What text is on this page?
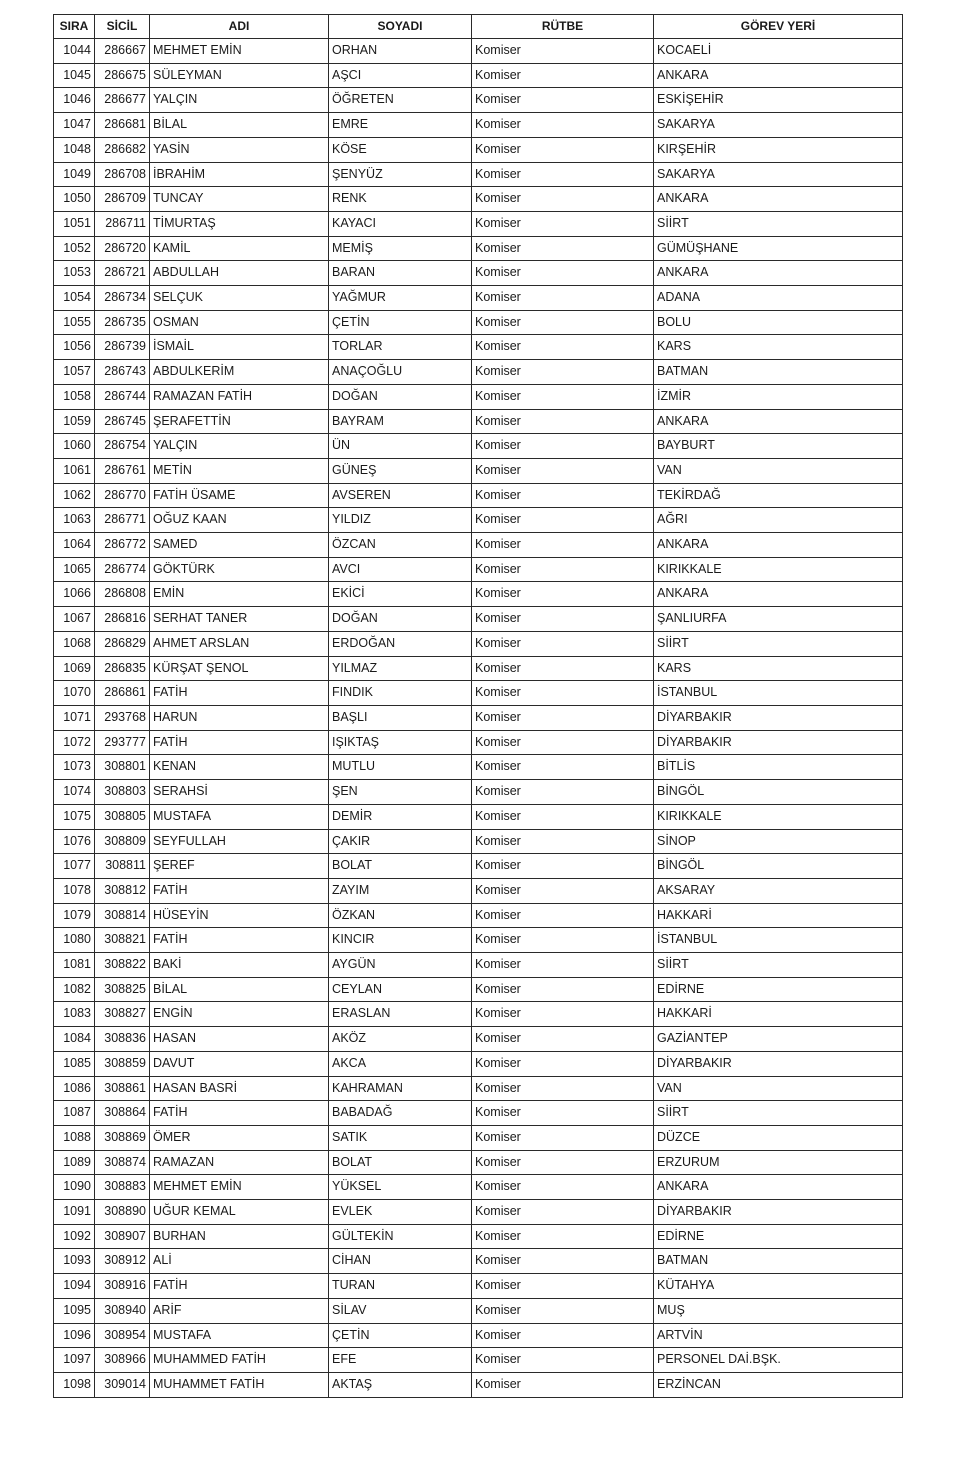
SIRA	SİCİL	ADI	SOYADI	RÜTBE	GÖREV YERİ
1044	286667	MEHMET EMİN	ORHAN	Komiser	KOCAELİ
1045	286675	SÜLEYMAN	AŞCI	Komiser	ANKARA
1046	286677	YALÇIN	ÖĞRETEN	Komiser	ESKİŞEHİR
1047	286681	BİLAL	EMRE	Komiser	SAKARYA
1048	286682	YASİN	KÖSE	Komiser	KIRŞEHİR
1049	286708	İBRAHİM	ŞENYÜZ	Komiser	SAKARYA
1050	286709	TUNCAY	RENK	Komiser	ANKARA
1051	286711	TİMURTAŞ	KAYACI	Komiser	SİİRT
1052	286720	KAMİL	MEMİŞ	Komiser	GÜMÜŞHANE
1053	286721	ABDULLAH	BARAN	Komiser	ANKARA
1054	286734	SELÇUK	YAĞMUR	Komiser	ADANA
1055	286735	OSMAN	ÇETİN	Komiser	BOLU
1056	286739	İSMAİL	TORLAR	Komiser	KARS
1057	286743	ABDULKERİM	ANAÇOĞLU	Komiser	BATMAN
1058	286744	RAMAZAN FATİH	DOĞAN	Komiser	İZMİR
1059	286745	ŞERAFETTİN	BAYRAM	Komiser	ANKARA
1060	286754	YALÇIN	ÜN	Komiser	BAYBURT
1061	286761	METİN	GÜNEŞ	Komiser	VAN
1062	286770	FATİH ÜSAME	AVSEREN	Komiser	TEKİRDAĞ
1063	286771	OĞUZ KAAN	YILDIZ	Komiser	AĞRI
1064	286772	SAMED	ÖZCAN	Komiser	ANKARA
1065	286774	GÖKTÜRK	AVCI	Komiser	KIRIKKALE
1066	286808	EMİN	EKİCİ	Komiser	ANKARA
1067	286816	SERHAT TANER	DOĞAN	Komiser	ŞANLIURFA
1068	286829	AHMET ARSLAN	ERDOĞAN	Komiser	SİİRT
1069	286835	KÜRŞAT ŞENOL	YILMAZ	Komiser	KARS
1070	286861	FATİH	FINDIK	Komiser	İSTANBUL
1071	293768	HARUN	BAŞLI	Komiser	DİYARBAKIR
1072	293777	FATİH	IŞIKTAŞ	Komiser	DİYARBAKIR
1073	308801	KENAN	MUTLU	Komiser	BİTLİS
1074	308803	SERAHSİ	ŞEN	Komiser	BİNGÖL
1075	308805	MUSTAFA	DEMİR	Komiser	KIRIKKALE
1076	308809	SEYFULLAH	ÇAKIR	Komiser	SİNOP
1077	308811	ŞEREF	BOLAT	Komiser	BİNGÖL
1078	308812	FATİH	ZAYIM	Komiser	AKSARAY
1079	308814	HÜSEYİN	ÖZKAN	Komiser	HAKKARİ
1080	308821	FATİH	KINCIR	Komiser	İSTANBUL
1081	308822	BAKİ	AYGÜN	Komiser	SİİRT
1082	308825	BİLAL	CEYLAN	Komiser	EDİRNE
1083	308827	ENGİN	ERASLAN	Komiser	HAKKARİ
1084	308836	HASAN	AKÖZ	Komiser	GAZİANTEP
1085	308859	DAVUT	AKCA	Komiser	DİYARBAKIR
1086	308861	HASAN BASRİ	KAHRAMAN	Komiser	VAN
1087	308864	FATİH	BABADAĞ	Komiser	SİİRT
1088	308869	ÖMER	SATIK	Komiser	DÜZCE
1089	308874	RAMAZAN	BOLAT	Komiser	ERZURUM
1090	308883	MEHMET EMİN	YÜKSEL	Komiser	ANKARA
1091	308890	UĞUR KEMAL	EVLEK	Komiser	DİYARBAKIR
1092	308907	BURHAN	GÜLTEKİN	Komiser	EDİRNE
1093	308912	ALİ	CİHAN	Komiser	BATMAN
1094	308916	FATİH	TURAN	Komiser	KÜTAHYA
1095	308940	ARİF	SİLAV	Komiser	MUŞ
1096	308954	MUSTAFA	ÇETİN	Komiser	ARTVİN
1097	308966	MUHAMMED FATİH	EFE	Komiser	PERSONEL DAİ.BŞK.
1098	309014	MUHAMMET FATİH	AKTAŞ	Komiser	ERZİNCAN
